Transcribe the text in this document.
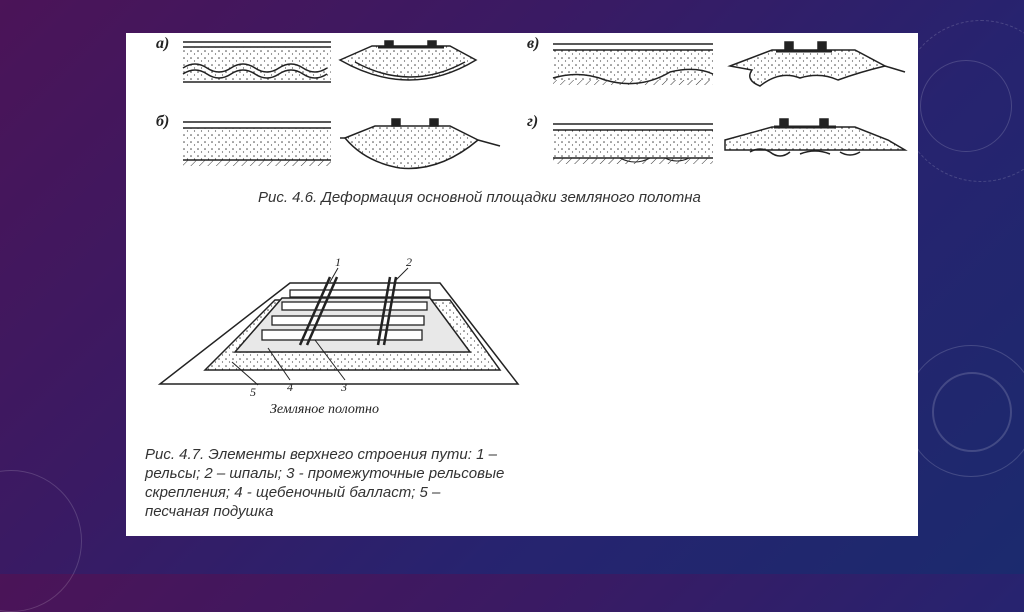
а)
б)
в)
г)
Рис. 4.6. Деформация основной площадки земляного полотна
1	2
3
4
5
Земляное полотно
Рис. 4.7. Элементы верхнего строения пути: 1 – рельсы; 2 – шпалы; 3 - промежуточные рельсовые скрепления; 4 - щебеночный балласт; 5 – песчаная подушка
